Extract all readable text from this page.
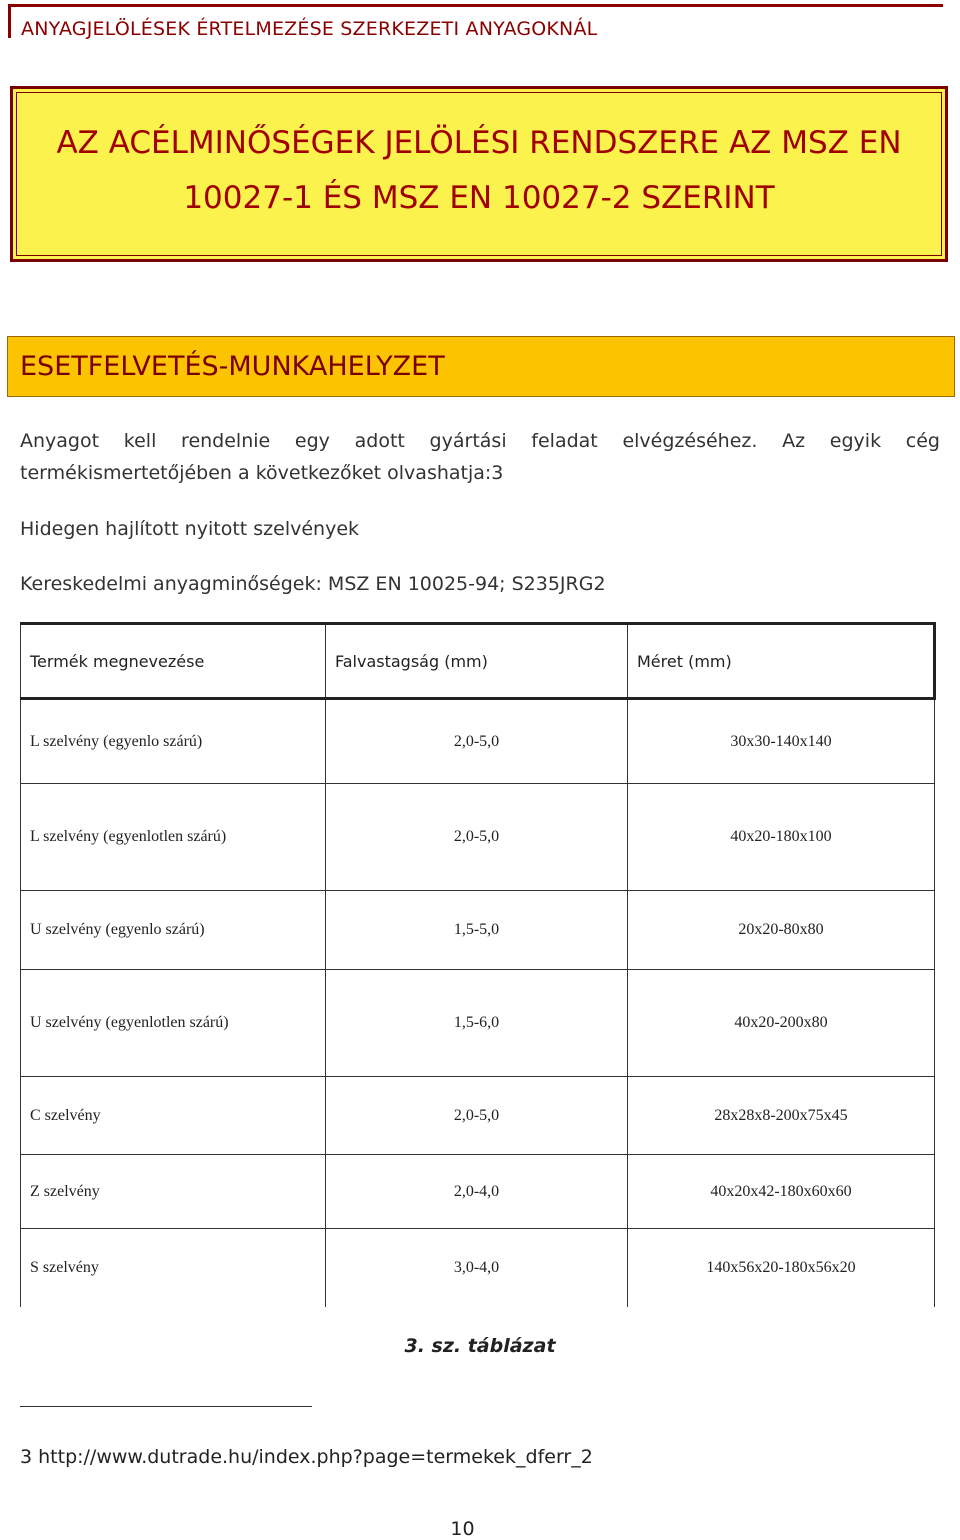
ANYAGJELÖLÉSEK ÉRTELMEZÉSE SZERKEZETI ANYAGOKNÁL
AZ ACÉLMINŐSÉGEK JELÖLÉSI RENDSZERE AZ MSZ EN
10027-1 ÉS MSZ EN 10027-2 SZERINT
ESETFELVETÉS-MUNKAHELYZET
Anyagot kell rendelnie egy adott gyártási feladat elvégzéséhez. Az egyik cég
termékismertetőjében a következőket olvashatja:3
Hidegen hajlított nyitott szelvények
Kereskedelmi anyagminőségek: MSZ EN 10025-94; S235JRG2
Termék megnevezése	Falvastagság (mm)	Méret (mm)
L szelvény (egyenlo szárú)	2,0-5,0	30x30-140x140
L szelvény (egyenlotlen szárú)	2,0-5,0	40x20-180x100
U szelvény (egyenlo szárú)	1,5-5,0	20x20-80x80
U szelvény (egyenlotlen szárú)	1,5-6,0	40x20-200x80
C szelvény	2,0-5,0	28x28x8-200x75x45
Z szelvény	2,0-4,0	40x20x42-180x60x60
S szelvény	3,0-4,0	140x56x20-180x56x20
3. sz. táblázat
3 http://www.dutrade.hu/index.php?page=termekek_dferr_2
10
